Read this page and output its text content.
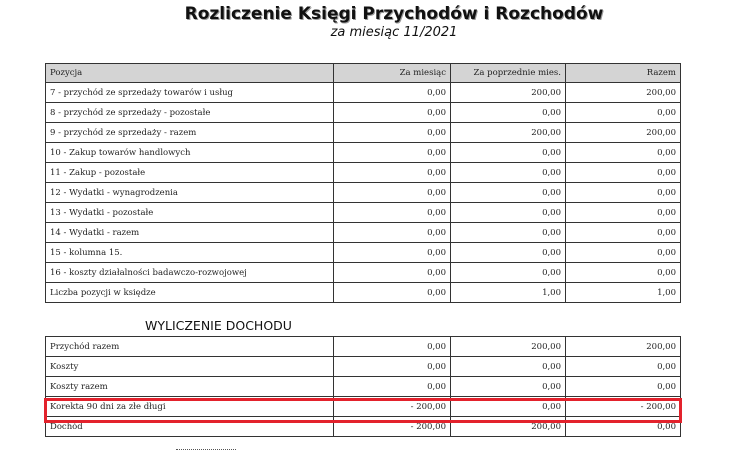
Rozliczenie Księgi Przychodów i Rozchodów
za miesiąc 11/2021
Pozycja	Za miesiąc	Za poprzednie mies.	Razem
7 - przychód ze sprzedaży towarów i usług	0,00	200,00	200,00
8 - przychód ze sprzedaży - pozostałe	0,00	0,00	0,00
9 - przychód ze sprzedaży - razem	0,00	200,00	200,00
10 - Zakup towarów handlowych	0,00	0,00	0,00
11 - Zakup - pozostałe	0,00	0,00	0,00
12 - Wydatki - wynagrodzenia	0,00	0,00	0,00
13 - Wydatki - pozostałe	0,00	0,00	0,00
14 - Wydatki - razem	0,00	0,00	0,00
15 - kolumna 15.	0,00	0,00	0,00
16 - koszty działalności badawczo-rozwojowej	0,00	0,00	0,00
Liczba pozycji w księdze	0,00	1,00	1,00
WYLICZENIE DOCHODU
Przychód razem	0,00	200,00	200,00
Koszty	0,00	0,00	0,00
Koszty razem	0,00	0,00	0,00
Korekta 90 dni za złe długi	- 200,00	0,00	- 200,00
Dochód	- 200,00	200,00	0,00
